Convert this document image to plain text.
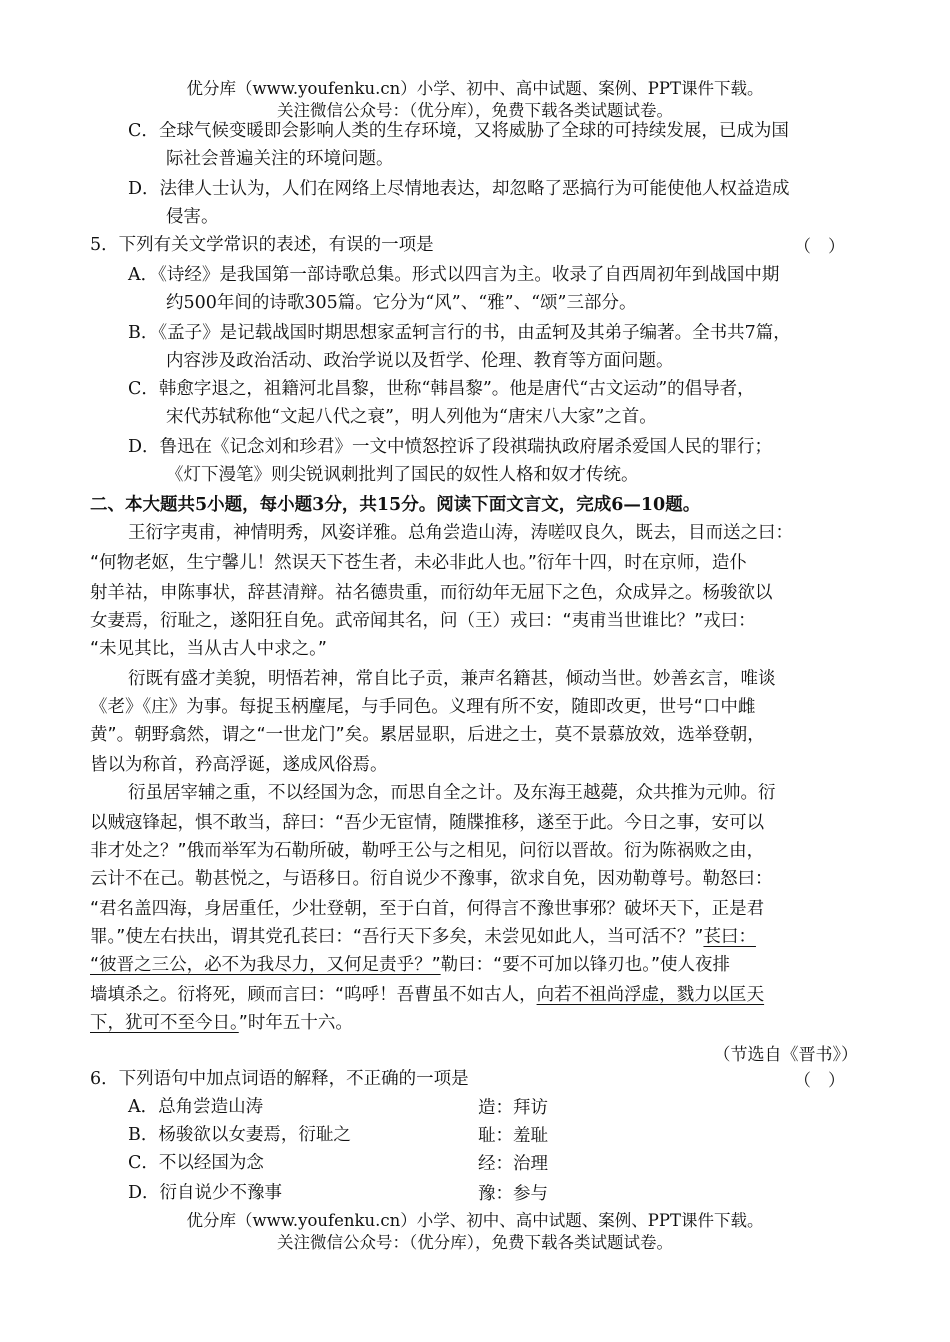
优分库（www.youfenku.cn）小学、初中、高中试题、案例、PPT课件下载。
关注微信公众号：（优分库），免费下载各类试题试卷。
C．全球气候变暖即会影响人类的生存环境，又将威胁了全球的可持续发展，已成为国
际社会普遍关注的环境问题。
D．法律人士认为，人们在网络上尽情地表达，却忽略了恶搞行为可能使他人权益造成
侵害。
5．下列有关文学常识的表述，有误的一项是	（　）
A．《诗经》是我国第一部诗歌总集。形式以四言为主。收录了自西周初年到战国中期
约500年间的诗歌305篇。它分为“风”、“雅”、“颂”三部分。
B．《孟子》是记载战国时期思想家孟轲言行的书，由孟轲及其弟子编著。全书共7篇，
内容涉及政治活动、政治学说以及哲学、伦理、教育等方面问题。
C．韩愈字退之，祖籍河北昌黎，世称“韩昌黎”。他是唐代“古文运动”的倡导者，
宋代苏轼称他“文起八代之衰”，明人列他为“唐宋八大家”之首。
D．鲁迅在《记念刘和珍君》一文中愤怒控诉了段祺瑞执政府屠杀爱国人民的罪行；
《灯下漫笔》则尖锐讽刺批判了国民的奴性人格和奴才传统。
二、本大题共5小题，每小题3分，共15分。阅读下面文言文，完成6—10题。
王衍字夷甫，神情明秀，风姿详雅。总角尝造山涛，涛嗟叹良久，既去，目而送之曰：
“何物老妪，生宁馨儿！然误天下苍生者，未必非此人也。”衍年十四，时在京师，造仆
射羊祜，申陈事状，辞甚清辩。祜名德贵重，而衍幼年无屈下之色，众成异之。杨骏欲以
女妻焉，衍耻之，遂阳狂自免。武帝闻其名，问（王）戎曰：“夷甫当世谁比？”戎曰：
“未见其比，当从古人中求之。”
衍既有盛才美貌，明悟若神，常自比子贡，兼声名籍甚，倾动当世。妙善玄言，唯谈
《老》《庄》为事。每捉玉柄麈尾，与手同色。义理有所不安，随即改更，世号“口中雌
黄”。朝野翕然，谓之“一世龙门”矣。累居显职，后进之士，莫不景慕放效，选举登朝，
皆以为称首，矜高浮诞，遂成风俗焉。
衍虽居宰辅之重，不以经国为念，而思自全之计。及东海王越薨，众共推为元帅。衍
以贼寇锋起，惧不敢当，辞曰：“吾少无宦情，随牒推移，遂至于此。今日之事，安可以
非才处之？”俄而举军为石勒所破，勒呼王公与之相见，问衍以晋故。衍为陈祸败之由，
云计不在己。勒甚悦之，与语移日。衍自说少不豫事，欲求自免，因劝勒尊号。勒怒曰：
“君名盖四海，身居重任，少壮登朝，至于白首，何得言不豫世事邪？破坏天下，正是君
罪。”使左右扶出，谓其党孔苌曰：“吾行天下多矣，未尝见如此人，当可活不？”苌曰：
“彼晋之三公，必不为我尽力，又何足责乎？”勒曰：“要不可加以锋刃也。”使人夜排
墙填杀之。衍将死，顾而言曰：“呜呼！吾曹虽不如古人，向若不祖尚浮虚，戮力以匡天
下，犹可不至今日。”时年五十六。
（节选自《晋书》）
6．下列语句中加点词语的解释，不正确的一项是	（　）
A．总角尝造山涛	造：拜访
B．杨骏欲以女妻焉，衍耻之	耻：羞耻
C．不以经国为念	经：治理
D．衍自说少不豫事	豫：参与
优分库（www.youfenku.cn）小学、初中、高中试题、案例、PPT课件下载。
关注微信公众号：（优分库），免费下载各类试题试卷。
